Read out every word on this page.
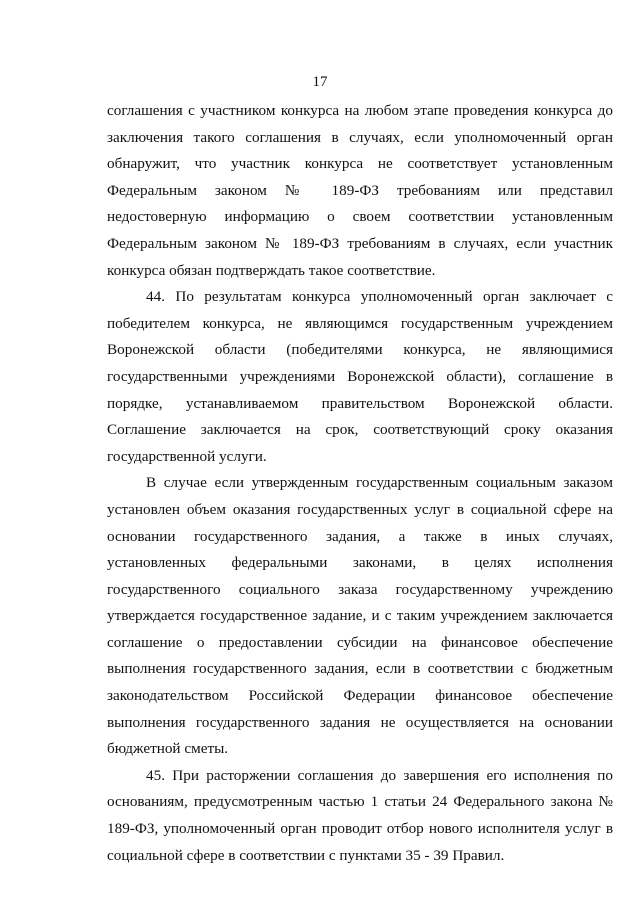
17

соглашения с участником конкурса на любом этапе проведения конкурса до заключения такого соглашения в случаях, если уполномоченный орган обнаружит, что участник конкурса не соответствует установленным Федеральным законом № 189-ФЗ требованиям или представил недостоверную информацию о своем соответствии установленным Федеральным законом № 189-ФЗ требованиям в случаях, если участник конкурса обязан подтверждать такое соответствие.

44. По результатам конкурса уполномоченный орган заключает с победителем конкурса, не являющимся государственным учреждением Воронежской области (победителями конкурса, не являющимися государственными учреждениями Воронежской области), соглашение в порядке, устанавливаемом правительством Воронежской области. Соглашение заключается на срок, соответствующий сроку оказания государственной услуги.

В случае если утвержденным государственным социальным заказом установлен объем оказания государственных услуг в социальной сфере на основании государственного задания, а также в иных случаях, установленных федеральными законами, в целях исполнения государственного социального заказа государственному учреждению утверждается государственное задание, и с таким учреждением заключается соглашение о предоставлении субсидии на финансовое обеспечение выполнения государственного задания, если в соответствии с бюджетным законодательством Российской Федерации финансовое обеспечение выполнения государственного задания не осуществляется на основании бюджетной сметы.

45. При расторжении соглашения до завершения его исполнения по основаниям, предусмотренным частью 1 статьи 24 Федерального закона № 189-ФЗ, уполномоченный орган проводит отбор нового исполнителя услуг в социальной сфере в соответствии с пунктами 35 - 39 Правил.
